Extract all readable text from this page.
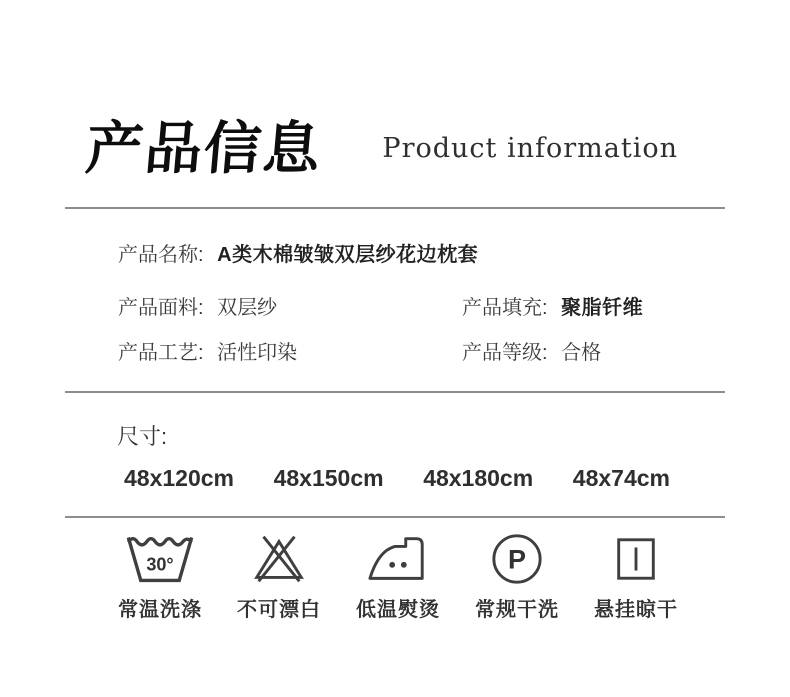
产品信息 Product information
产品名称: A类木棉皱皱双层纱花边枕套
产品面料: 双层纱	产品填充: 聚脂钎维
产品工艺: 活性印染	产品等级: 合格
尺寸:
48x120cm 48x150cm 48x180cm 48x74cm
30°
常温洗涤 不可漂白 低温熨烫
P
常规干洗 悬挂晾干
